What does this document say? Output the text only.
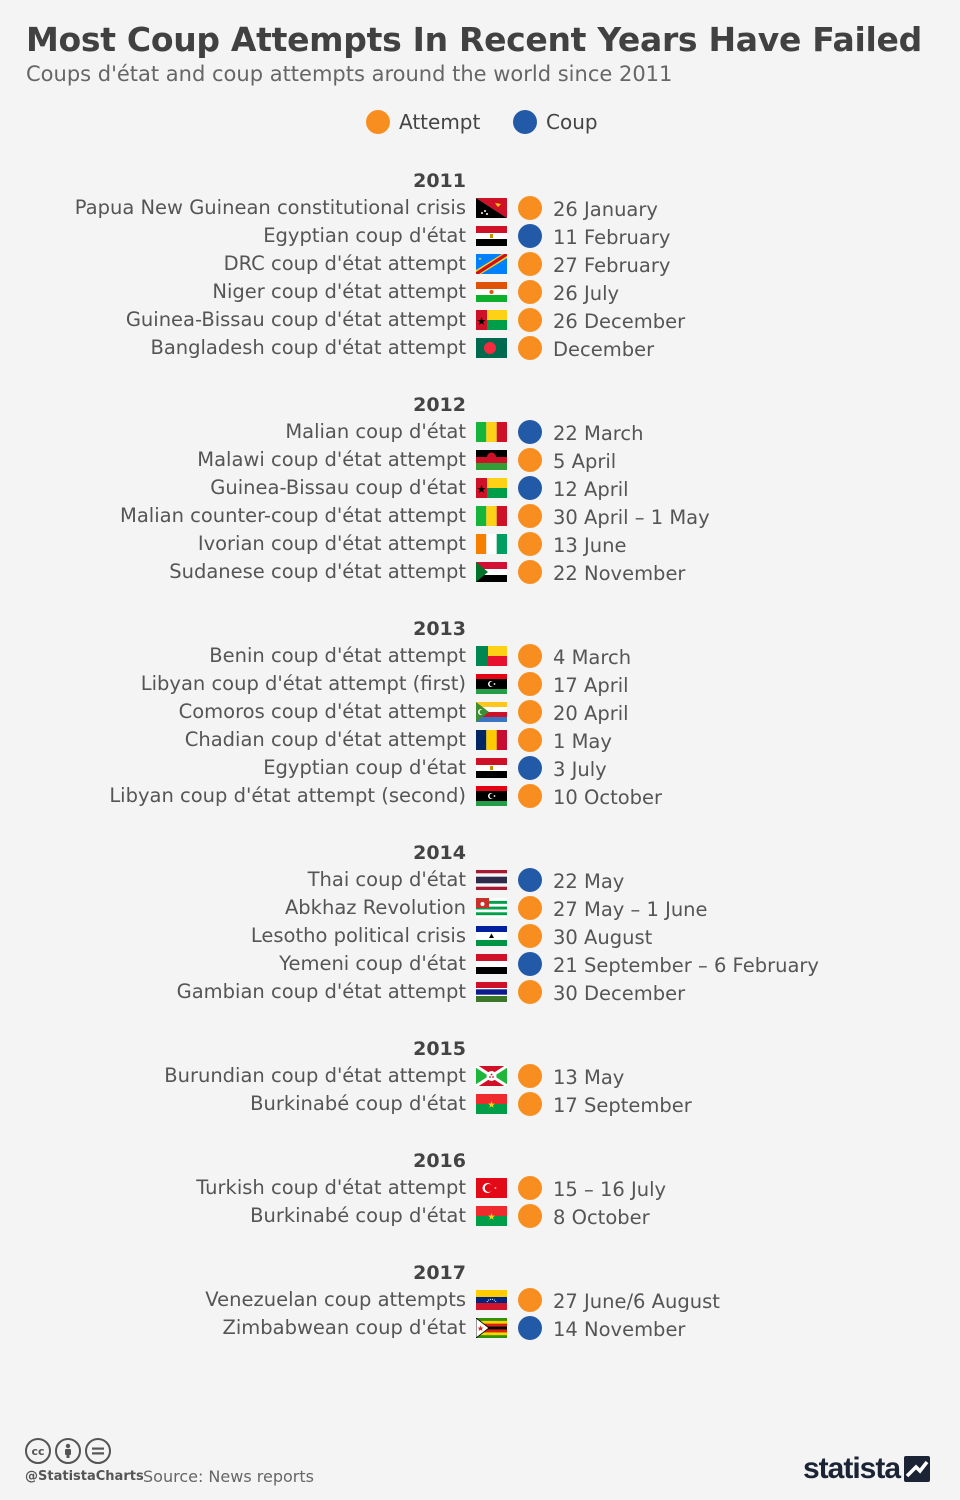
Most Coup Attempts In Recent Years Have Failed
Coups d'état and coup attempts around the world since 2011
Attempt	Coup
2011
Papua New Guinean constitutional crisis	26 January
Egyptian coup d'état	11 February
DRC coup d'état attempt	27 February
Niger coup d'état attempt	26 July
Guinea-Bissau coup d'état attempt	26 December
Bangladesh coup d'état attempt	December
2012
Malian coup d'état	22 March
Malawi coup d'état attempt	5 April
Guinea-Bissau coup d'état	12 April
Malian counter-coup d'état attempt	30 April – 1 May
Ivorian coup d'état attempt	13 June
Sudanese coup d'état attempt	22 November
2013
Benin coup d'état attempt	4 March
Libyan coup d'état attempt (first)	17 April
Comoros coup d'état attempt	20 April
Chadian coup d'état attempt	1 May
Egyptian coup d'état	3 July
Libyan coup d'état attempt (second)	10 October
2014
Thai coup d'état	22 May
Abkhaz Revolution	27 May – 1 June
Lesotho political crisis	30 August
Yemeni coup d'état	21 September – 6 February
Gambian coup d'état attempt	30 December
2015
Burundian coup d'état attempt	13 May
Burkinabé coup d'état	17 September
2016
Turkish coup d'état attempt	15 – 16 July
Burkinabé coup d'état	8 October
2017
Venezuelan coup attempts	27 June/6 August
Zimbabwean coup d'état	14 November
cc
@StatistaCharts Source: News reports	statista
